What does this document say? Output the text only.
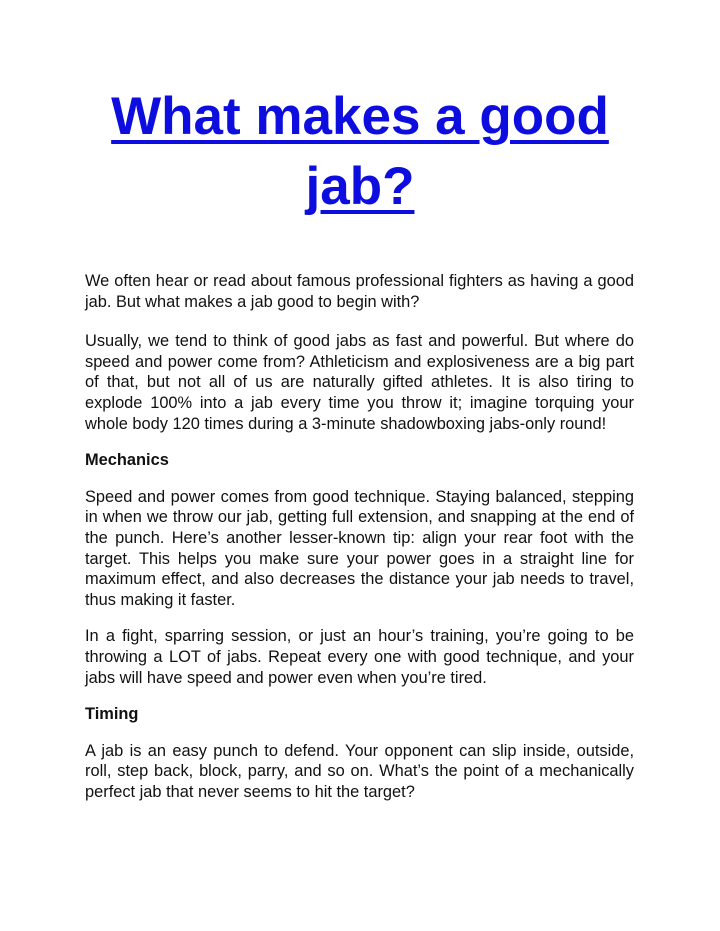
What makes a good jab?

We often hear or read about famous professional fighters as having a good jab. But what makes a jab good to begin with?

Usually, we tend to think of good jabs as fast and powerful. But where do speed and power come from? Athleticism and explosiveness are a big part of that, but not all of us are naturally gifted athletes. It is also tiring to explode 100% into a jab every time you throw it; imagine torquing your whole body 120 times during a 3-minute shadowboxing jabs-only round!

Mechanics

Speed and power comes from good technique. Staying balanced, stepping in when we throw our jab, getting full extension, and snapping at the end of the punch. Here’s another lesser-known tip: align your rear foot with the target. This helps you make sure your power goes in a straight line for maximum effect, and also decreases the distance your jab needs to travel, thus making it faster.

In a fight, sparring session, or just an hour’s training, you’re going to be throwing a LOT of jabs. Repeat every one with good technique, and your jabs will have speed and power even when you’re tired.

Timing

A jab is an easy punch to defend. Your opponent can slip inside, outside, roll, step back, block, parry, and so on. What’s the point of a mechanically perfect jab that never seems to hit the target?
